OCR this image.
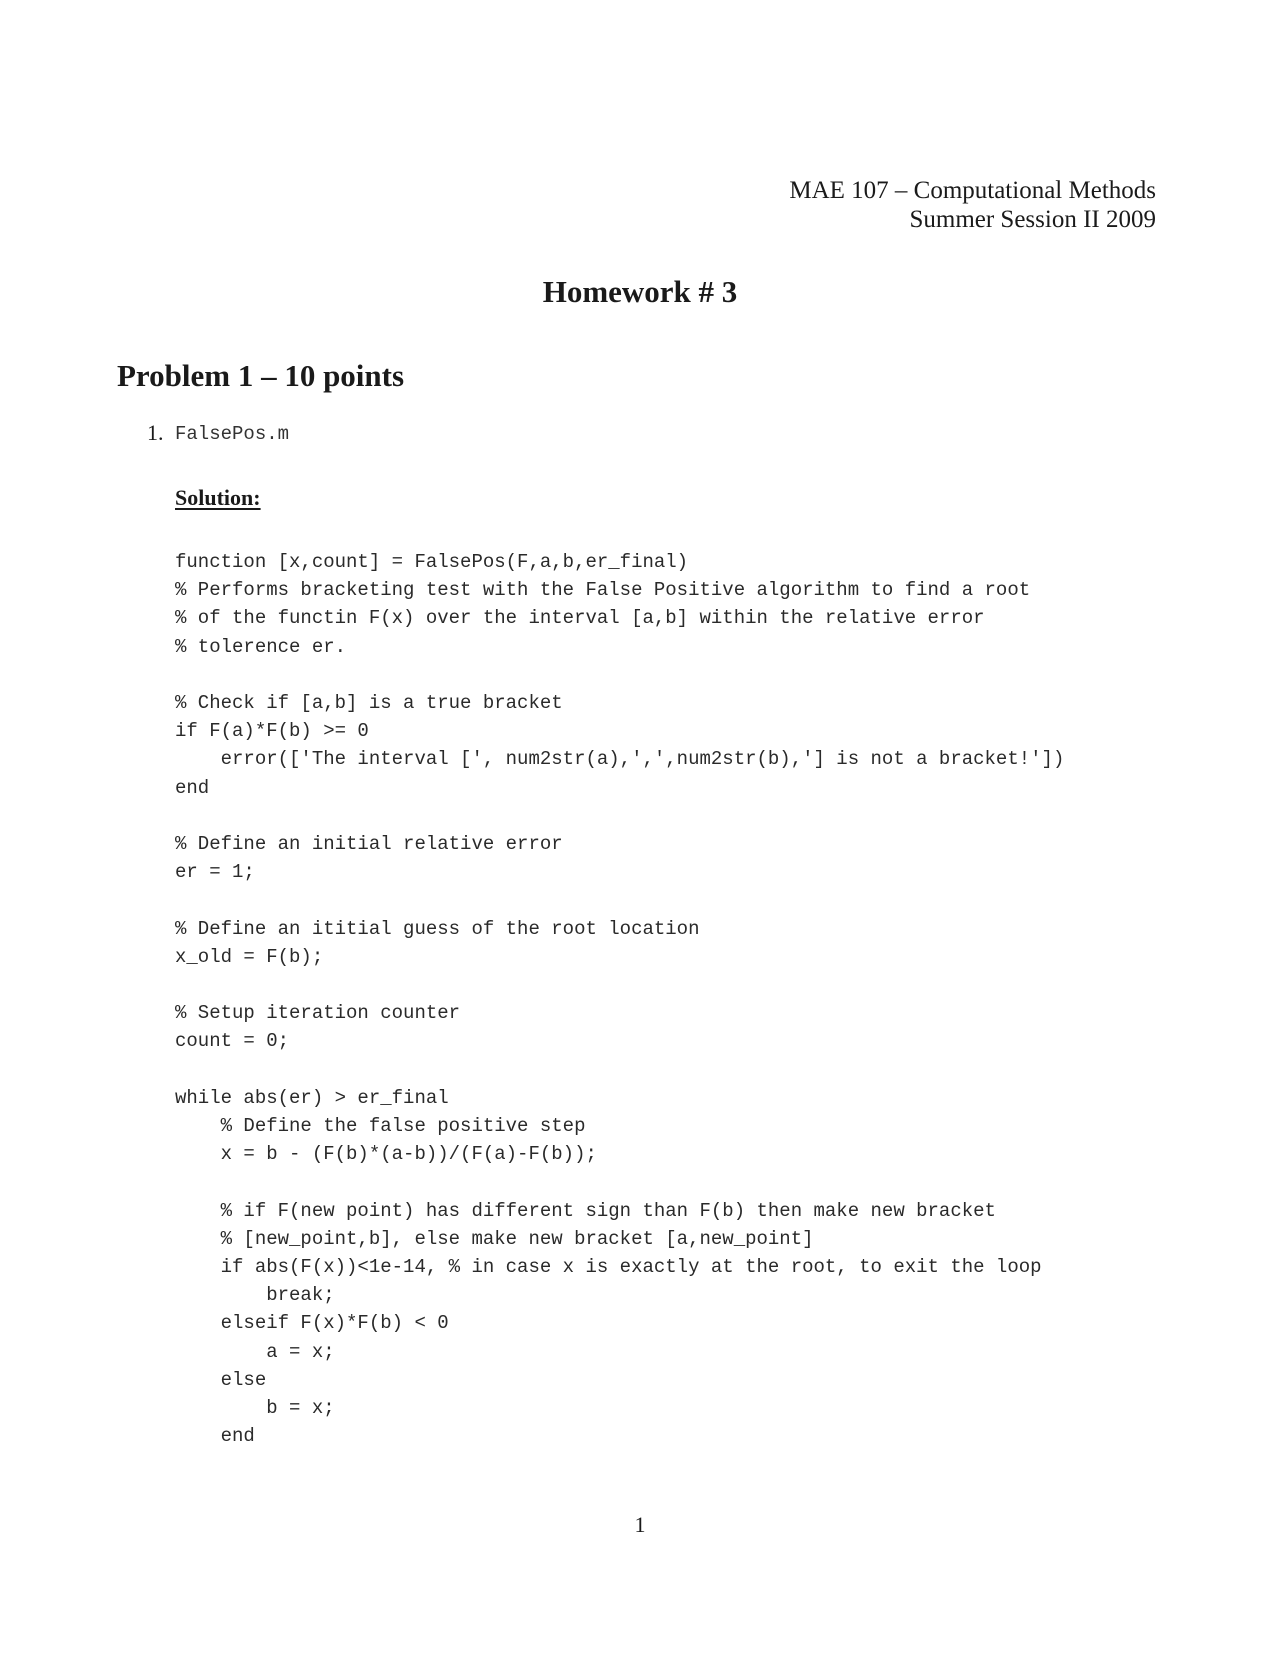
MAE 107 – Computational Methods
Summer Session II 2009
Homework # 3
Problem 1 – 10 points
1. FalsePos.m
Solution:
function [x,count] = FalsePos(F,a,b,er_final)
% Performs bracketing test with the False Positive algorithm to find a root
% of the functin F(x) over the interval [a,b] within the relative error
% tolerence er.
% Check if [a,b] is a true bracket
if F(a)*F(b) >= 0
error(['The interval [', num2str(a),',',num2str(b),'] is not a bracket!'])
end
% Define an initial relative error
er = 1;
% Define an ititial guess of the root location
x_old = F(b);
% Setup iteration counter
count = 0;
while abs(er) > er_final
% Define the false positive step
x = b - (F(b)*(a-b))/(F(a)-F(b));
% if F(new point) has different sign than F(b) then make new bracket
% [new_point,b], else make new bracket [a,new_point]
if abs(F(x))<1e-14, % in case x is exactly at the root, to exit the loop
break;
elseif F(x)*F(b) < 0
a = x;
else
b = x;
end
1
